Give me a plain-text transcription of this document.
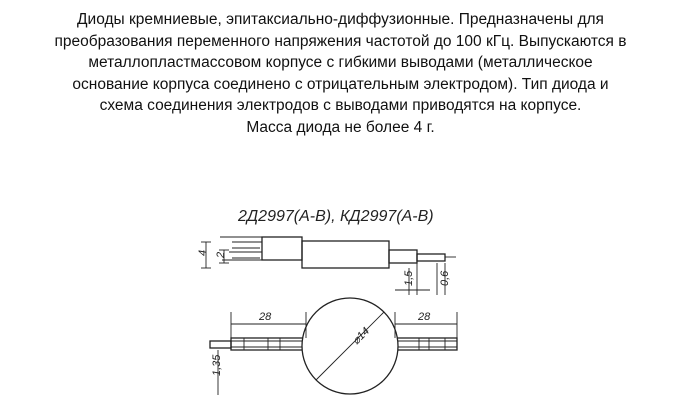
Диоды кремниевые, эпитаксиально-диффузионные. Предназначены для
преобразования переменного напряжения частотой до 100 кГц. Выпускаются в
металлопластмассовом корпусе с гибкими выводами (металлическое
основание корпуса соединено с отрицательным электродом). Тип диода и
схема соединения электродов с выводами приводятся на корпусе.
Масса диода не более 4 г.
2Д2997(А-В), КД2997(А-В)
4 2
1,5 0,6
28	28
⌀14
1,35
